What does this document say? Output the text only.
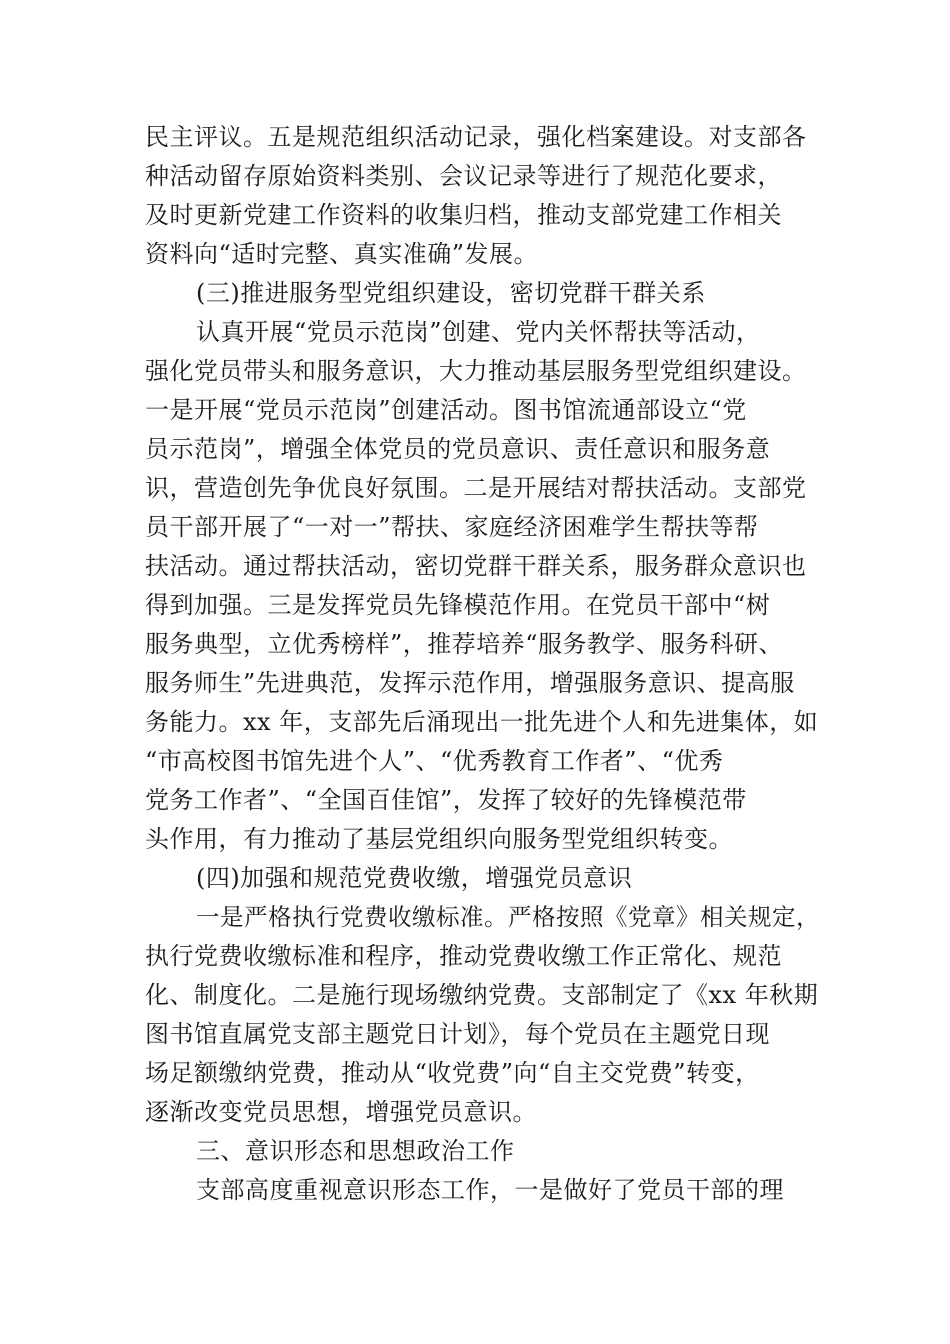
民主评议。五是规范组织活动记录，强化档案建设。对支部各
种活动留存原始资料类别、会议记录等进行了规范化要求，
及时更新党建工作资料的收集归档，推动支部党建工作相关
资料向“适时完整、真实准确”发展。
(三)推进服务型党组织建设，密切党群干群关系
认真开展“党员示范岗”创建、党内关怀帮扶等活动，
强化党员带头和服务意识，大力推动基层服务型党组织建设。
一是开展“党员示范岗”创建活动。图书馆流通部设立“党
员示范岗”，增强全体党员的党员意识、责任意识和服务意
识，营造创先争优良好氛围。二是开展结对帮扶活动。支部党
员干部开展了“一对一”帮扶、家庭经济困难学生帮扶等帮
扶活动。通过帮扶活动，密切党群干群关系，服务群众意识也
得到加强。三是发挥党员先锋模范作用。在党员干部中“树
服务典型，立优秀榜样”，推荐培养“服务教学、服务科研、
服务师生”先进典范，发挥示范作用，增强服务意识、提高服
务能力。xx 年，支部先后涌现出一批先进个人和先进集体，如
“市高校图书馆先进个人”、“优秀教育工作者”、“优秀
党务工作者”、“全国百佳馆”，发挥了较好的先锋模范带
头作用，有力推动了基层党组织向服务型党组织转变。
(四)加强和规范党费收缴，增强党员意识
一是严格执行党费收缴标准。严格按照《党章》相关规定，
执行党费收缴标准和程序，推动党费收缴工作正常化、规范
化、制度化。二是施行现场缴纳党费。支部制定了《xx 年秋期
图书馆直属党支部主题党日计划》，每个党员在主题党日现
场足额缴纳党费，推动从“收党费”向“自主交党费”转变，
逐渐改变党员思想，增强党员意识。
三、意识形态和思想政治工作
支部高度重视意识形态工作，一是做好了党员干部的理
